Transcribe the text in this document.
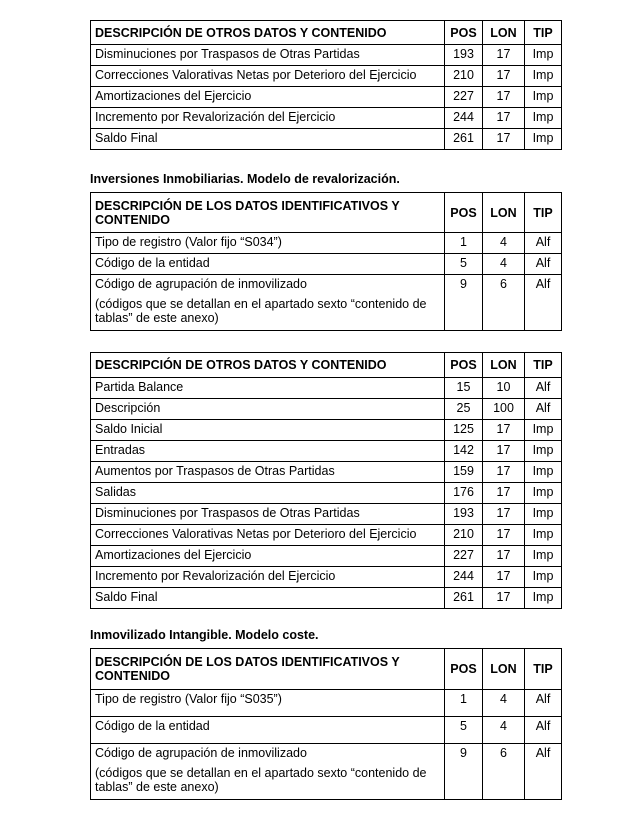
DESCRIPCIÓN DE OTROS DATOS Y CONTENIDO	POS	LON	TIP

Disminuciones por Traspasos de Otras Partidas	193	17	Imp

Correcciones Valorativas Netas por Deterioro del Ejercicio	210	17	Imp

Amortizaciones del Ejercicio	227	17	Imp

Incremento por Revalorización del Ejercicio	244	17	Imp

Saldo Final	261	17	Imp
Inversiones Inmobiliarias. Modelo de revalorización.
DESCRIPCIÓN DE LOS DATOS IDENTIFICATIVOS Y CONTENIDO	POS	LON	TIP

Tipo de registro (Valor fijo “S034”)	1	4	Alf

Código de la entidad	5	4	Alf

Código de agrupación de inmovilizado
(códigos que se detallan en el apartado sexto “contenido de tablas” de este anexo)	9	6	Alf
DESCRIPCIÓN DE OTROS DATOS Y CONTENIDO	POS	LON	TIP

Partida Balance	15	10	Alf

Descripción	25	100	Alf

Saldo Inicial	125	17	Imp

Entradas	142	17	Imp

Aumentos por Traspasos de Otras Partidas	159	17	Imp

Salidas	176	17	Imp

Disminuciones por Traspasos de Otras Partidas	193	17	Imp

Correcciones Valorativas Netas por Deterioro del Ejercicio	210	17	Imp

Amortizaciones del Ejercicio	227	17	Imp

Incremento por Revalorización del Ejercicio	244	17	Imp

Saldo Final	261	17	Imp
Inmovilizado Intangible. Modelo coste.
DESCRIPCIÓN DE LOS DATOS IDENTIFICATIVOS Y CONTENIDO	POS	LON	TIP

Tipo de registro (Valor fijo “S035”)	1	4	Alf

Código de la entidad	5	4	Alf

Código de agrupación de inmovilizado
(códigos que se detallan en el apartado sexto “contenido de tablas” de este anexo)	9	6	Alf
